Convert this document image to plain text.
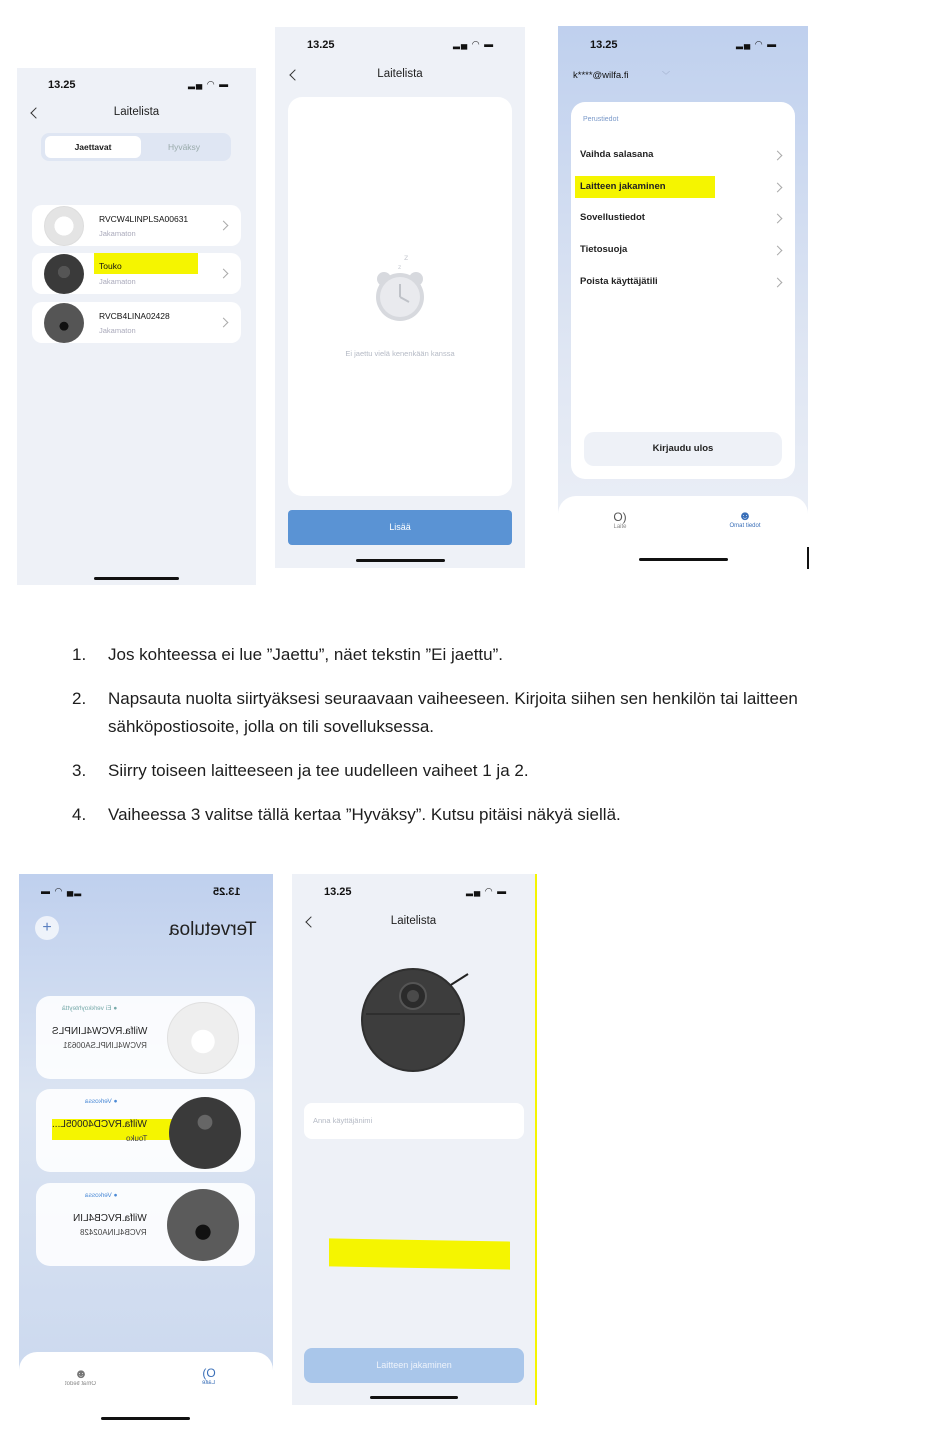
13.25	▂▄ ◠ ▬
Laitelista
Jaettavat	Hyväksy
RVCW4LINPLSA00631
Jakamaton
Touko
Jakamaton
RVCB4LINA02428
Jakamaton
13.25	▂▄ ◠ ▬
Laitelista
z
z
Ei jaettu vielä kenenkään kanssa
Lisää
13.25	▂▄ ◠ ▬
k****@wilfa.fi	﹀
Perustiedot
Vaihda salasana
Laitteen jakaminen
Sovellustiedot
Tietosuoja
Poista käyttäjätili
Kirjaudu ulos
O)
Laite
☻
Omat tiedot
1. Jos kohteessa ei lue ”Jaettu”, näet tekstin ”Ei jaettu”.
2. Napsauta nuolta siirtyäksesi seuraavaan vaiheeseen. Kirjoita siihen sen henkilön tai laitteen sähköpostiosoite, jolla on tili sovelluksessa.
3. Siirry toiseen laitteeseen ja tee uudelleen vaiheet 1 ja 2.
4. Vaiheessa 3 valitse tällä kertaa ”Hyväksy”. Kutsu pitäisi näkyä siellä.
13.25
▬ ◠ ▄▂
+	Tervetuloa
● Ei verkkoyhteyttä
Wilfa.RVCW4LINPLS
RVCW4LINPLSA00631
● Verkossa
Wilfa.RVCD40005L...
Touko
● Verkossa
Wilfa.RVCB4LIN
RVCB4LINA02428
☻
Omat tiedot
(O
Laite
13.25	▂▄ ◠ ▬
Laitelista
Anna käyttäjänimi
Laitteen jakaminen
